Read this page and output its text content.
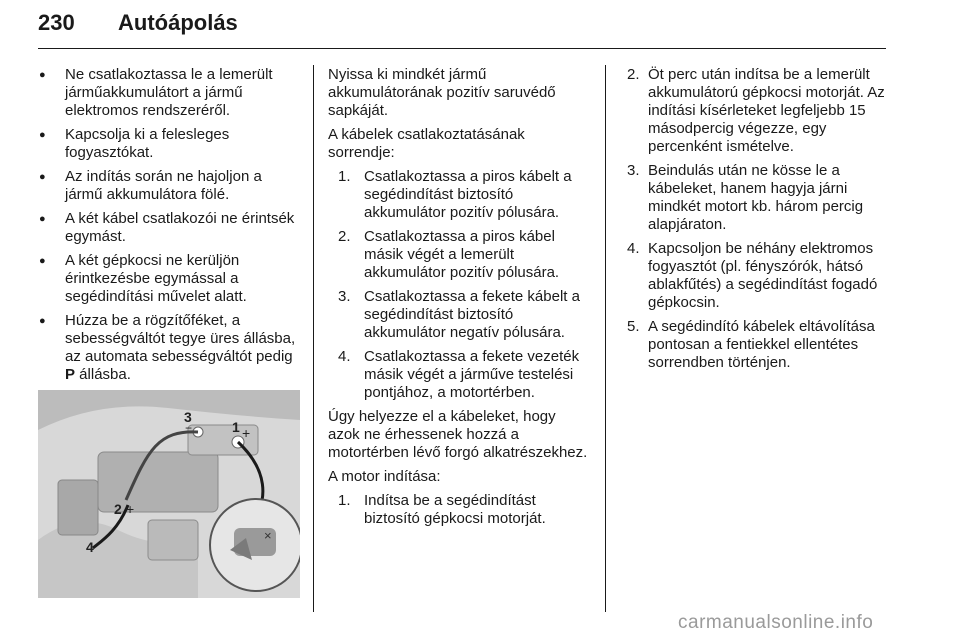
230 Autóápolás
● Ne csatlakoztassa le a lemerült járműakkumulátort a jármű elektromos rendszeréről.
● Kapcsolja ki a felesleges fogyasztókat.
● Az indítás során ne hajoljon a jármű akkumulátora fölé.
● A két kábel csatlakozói ne érintsék egymást.
● A két gépkocsi ne kerüljön érintkezésbe egymással a segédindítási művelet alatt.
● Húzza be a rögzítőféket, a sebességváltót tegye üres állásba, az automata sebességváltót pedig P állásba.
×
1 +
3
−
2 +
4

Nyissa ki mindkét jármű akkumulátorának pozitív saruvédő sapkáját.

A kábelek csatlakoztatásának sorrendje:

1. Csatlakoztassa a piros kábelt a segédindítást biztosító akkumulátor pozitív pólusára.
2. Csatlakoztassa a piros kábel másik végét a lemerült akkumulátor pozitív pólusára.
3. Csatlakoztassa a fekete kábelt a segédindítást biztosító akkumulátor negatív pólusára.
4. Csatlakoztassa a fekete vezeték másik végét a járműve testelési pontjához, a motortérben.

Úgy helyezze el a kábeleket, hogy azok ne érhessenek hozzá a motortérben lévő forgó alkatrészekhez.

A motor indítása:

1. Indítsa be a segédindítást biztosító gépkocsi motorját.
2. Öt perc után indítsa be a lemerült akkumulátorú gépkocsi motorját. Az indítási kísérleteket legfeljebb 15 másodpercig végezze, egy percenként ismételve.
3. Beindulás után ne kösse le a kábeleket, hanem hagyja járni mindkét motort kb. három percig alapjáraton.
4. Kapcsoljon be néhány elektromos fogyasztót (pl. fényszórók, hátsó ablakfűtés) a segédindítást fogadó gépkocsin.
5. A segédindító kábelek eltávolítása pontosan a fentiekkel ellentétes sorrendben történjen.
carmanualsonline.info
